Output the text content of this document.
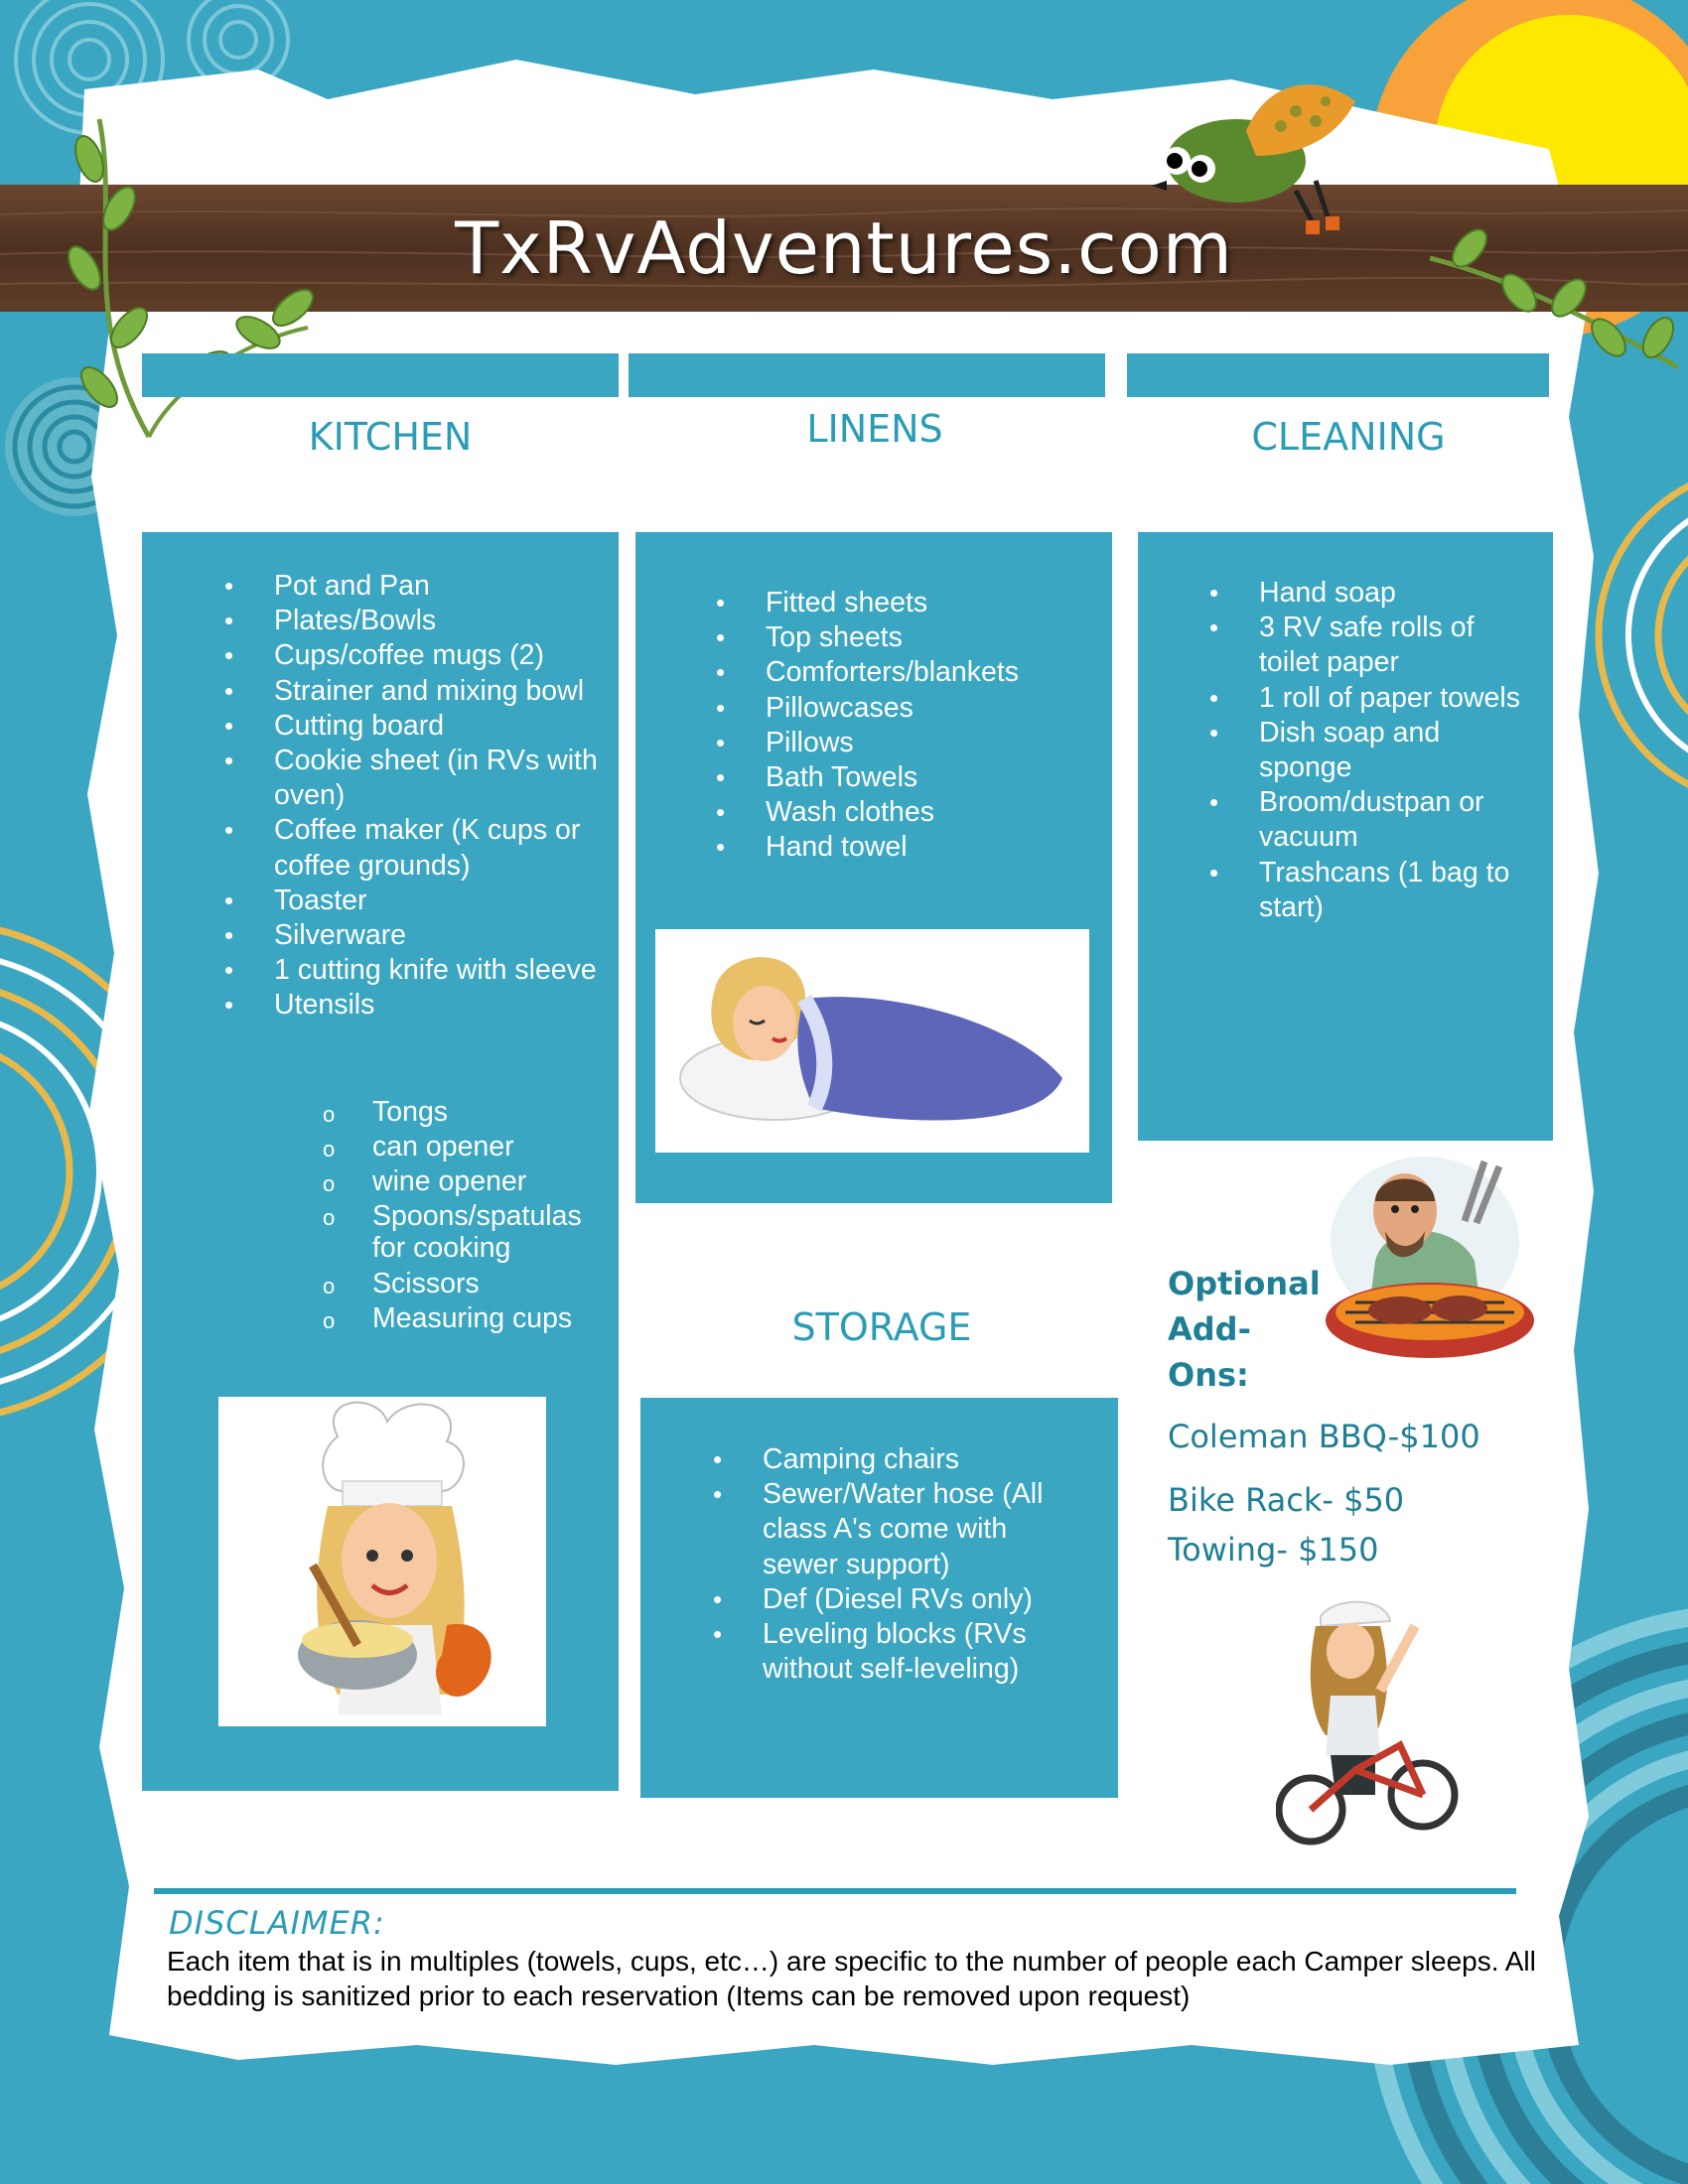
TxRvAdventures.com
KITCHEN	LINENS	CLEANING
STORAGE
• Pot and Pan
• Plates/Bowls
• Cups/coffee mugs (2)
• Strainer and mixing bowl
• Cutting board
• Cookie sheet (in RVs with oven)
• Coffee maker (K cups or coffee grounds)
• Toaster
• Silverware
• 1 cutting knife with sleeve
• Utensils
o Tongs
o can opener
o wine opener
o Spoons/spatulas for cooking
o Scissors
o Measuring cups
• Fitted sheets
• Top sheets
• Comforters/blankets
• Pillowcases
• Pillows
• Bath Towels
• Wash clothes
• Hand towel
• Hand soap
• 3 RV safe rolls of toilet paper
• 1 roll of paper towels
• Dish soap and sponge
• Broom/dustpan or vacuum
• Trashcans (1 bag to start)
• Camping chairs
• Sewer/Water hose (All class A's come with sewer support)
• Def (Diesel RVs only)
• Leveling blocks (RVs without self-leveling)
Optional Add-Ons:
Coleman BBQ-$100
Bike Rack- $50
Towing- $150
DISCLAIMER:
Each item that is in multiples (towels, cups, etc…) are specific to the number of people each Camper sleeps. All bedding is sanitized prior to each reservation (Items can be removed upon request)
